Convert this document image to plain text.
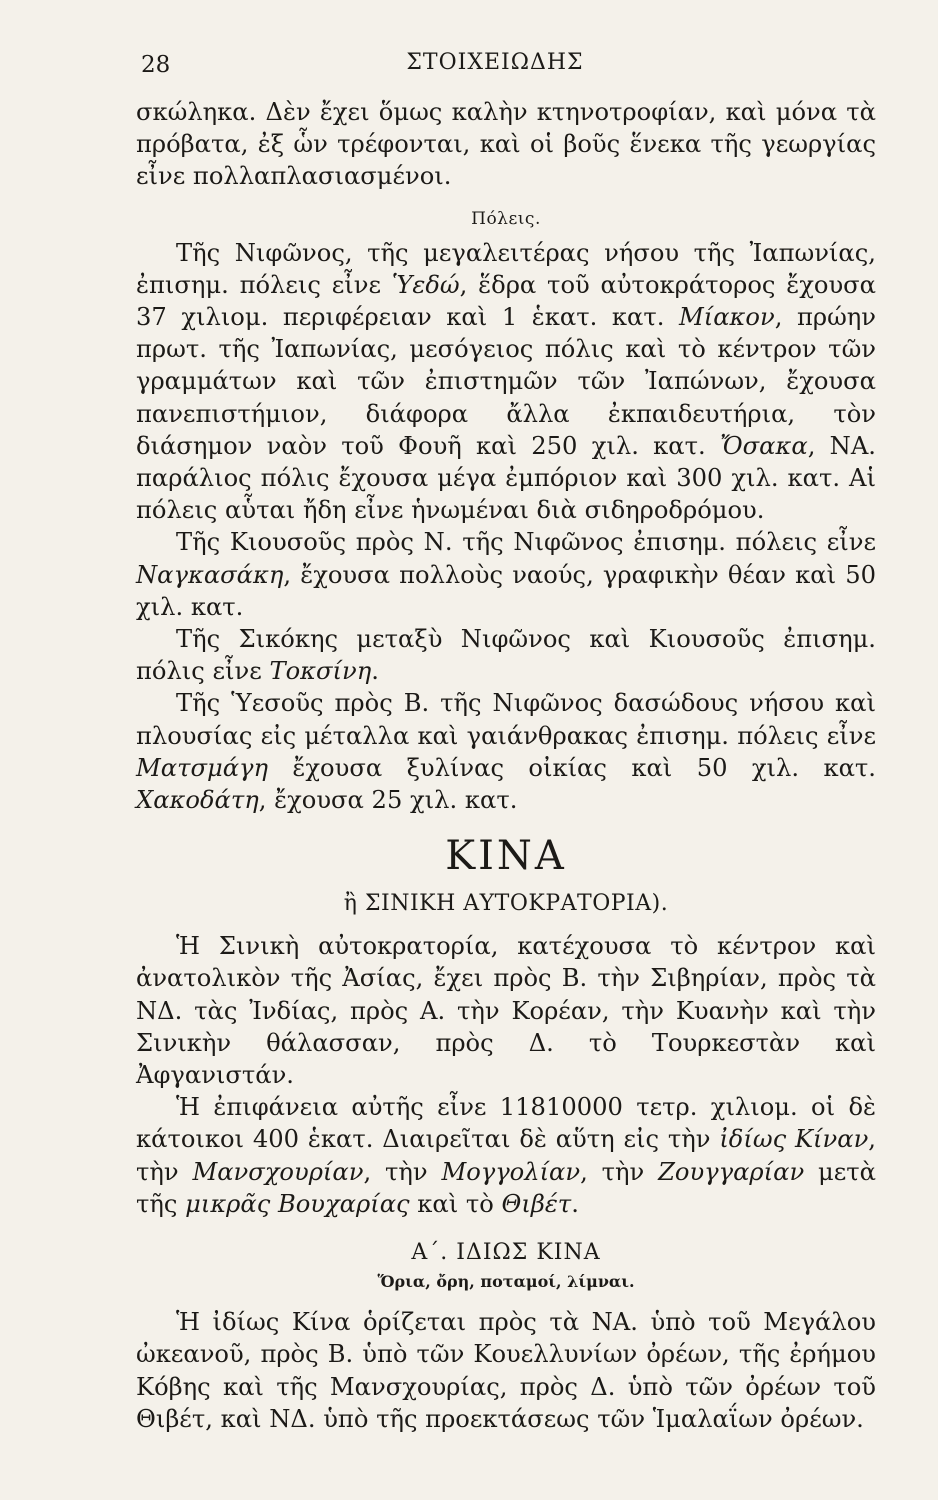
28	ΣΤΟΙΧΕΙΩΔΗΣ

σκώληκα. Δὲν ἔχει ὅμως καλὴν κτηνοτροφίαν, καὶ μόνα τὰ πρόβατα, ἐξ ὧν τρέφονται, καὶ οἱ βοῦς ἕνεκα τῆς γεωργίας εἶνε πολλαπλασιασμένοι.

Πόλεις.

Τῆς Νιφῶνος, τῆς μεγαλειτέρας νήσου τῆς Ἰαπωνίας, ἐπισημ. πόλεις εἶνε Ὑεδώ, ἕδρα τοῦ αὐτοκράτορος ἔχουσα 37 χιλιομ. περιφέρειαν καὶ 1 ἑκατ. κατ. Μίακον, πρώην πρωτ. τῆς Ἰαπωνίας, μεσόγειος πόλις καὶ τὸ κέντρον τῶν γραμμάτων καὶ τῶν ἐπιστημῶν τῶν Ἰαπώνων, ἔχουσα πανεπιστήμιον, διάφορα ἄλλα ἐκπαιδευτήρια, τὸν διάσημον ναὸν τοῦ Φουῆ καὶ 250 χιλ. κατ. Ὄσακα, ΝΑ. παράλιος πόλις ἔχουσα μέγα ἐμπόριον καὶ 300 χιλ. κατ. Αἱ πόλεις αὗται ἤδη εἶνε ἡνωμέναι διὰ σιδηροδρόμου.

Τῆς Κιουσοῦς πρὸς Ν. τῆς Νιφῶνος ἐπισημ. πόλεις εἶνε Ναγκασάκη, ἔχουσα πολλοὺς ναούς, γραφικὴν θέαν καὶ 50 χιλ. κατ.

Τῆς Σικόκης μεταξὺ Νιφῶνος καὶ Κιουσοῦς ἐπισημ. πόλις εἶνε Τοκσίνη.

Τῆς Ὑεσοῦς πρὸς Β. τῆς Νιφῶνος δασώδους νήσου καὶ πλουσίας εἰς μέταλλα καὶ γαιάνθρακας ἐπισημ. πόλεις εἶνε Ματσμάγη ἔχουσα ξυλίνας οἰκίας καὶ 50 χιλ. κατ. Χακοδάτη, ἔχουσα 25 χιλ. κατ.

ΚΙΝΑ
ἢ ΣΙΝΙΚΗ ΑΥΤΟΚΡΑΤΟΡΙΑ).

Ἡ Σινικὴ αὐτοκρατορία, κατέχουσα τὸ κέντρον καὶ ἀνατολικὸν τῆς Ἀσίας, ἔχει πρὸς Β. τὴν Σιβηρίαν, πρὸς τὰ ΝΔ. τὰς Ἰνδίας, πρὸς Α. τὴν Κορέαν, τὴν Κυανὴν καὶ τὴν Σινικὴν θάλασσαν, πρὸς Δ. τὸ Τουρκεστὰν καὶ Ἀφγανιστάν.

Ἡ ἐπιφάνεια αὐτῆς εἶνε 11810000 τετρ. χιλιομ. οἱ δὲ κάτοικοι 400 ἑκατ. Διαιρεῖται δὲ αὕτη εἰς τὴν ἰδίως Κίναν, τὴν Μανσχουρίαν, τὴν Μογγολίαν, τὴν Ζουγγαρίαν μετὰ τῆς μικρᾶς Βουχαρίας καὶ τὸ Θιβέτ.

Α΄. ΙΔΙΩΣ ΚΙΝΑ
Ὅρια, ὄρη, ποταμοί, λίμναι.

Ἡ ἰδίως Κίνα ὁρίζεται πρὸς τὰ ΝΑ. ὑπὸ τοῦ Μεγάλου ὠκεανοῦ, πρὸς Β. ὑπὸ τῶν Κουελλυνίων ὀρέων, τῆς ἐρήμου Κόβης καὶ τῆς Μανσχουρίας, πρὸς Δ. ὑπὸ τῶν ὀρέων τοῦ Θιβέτ, καὶ ΝΔ. ὑπὸ τῆς προεκτάσεως τῶν Ἱμαλαΐων ὀρέων.
